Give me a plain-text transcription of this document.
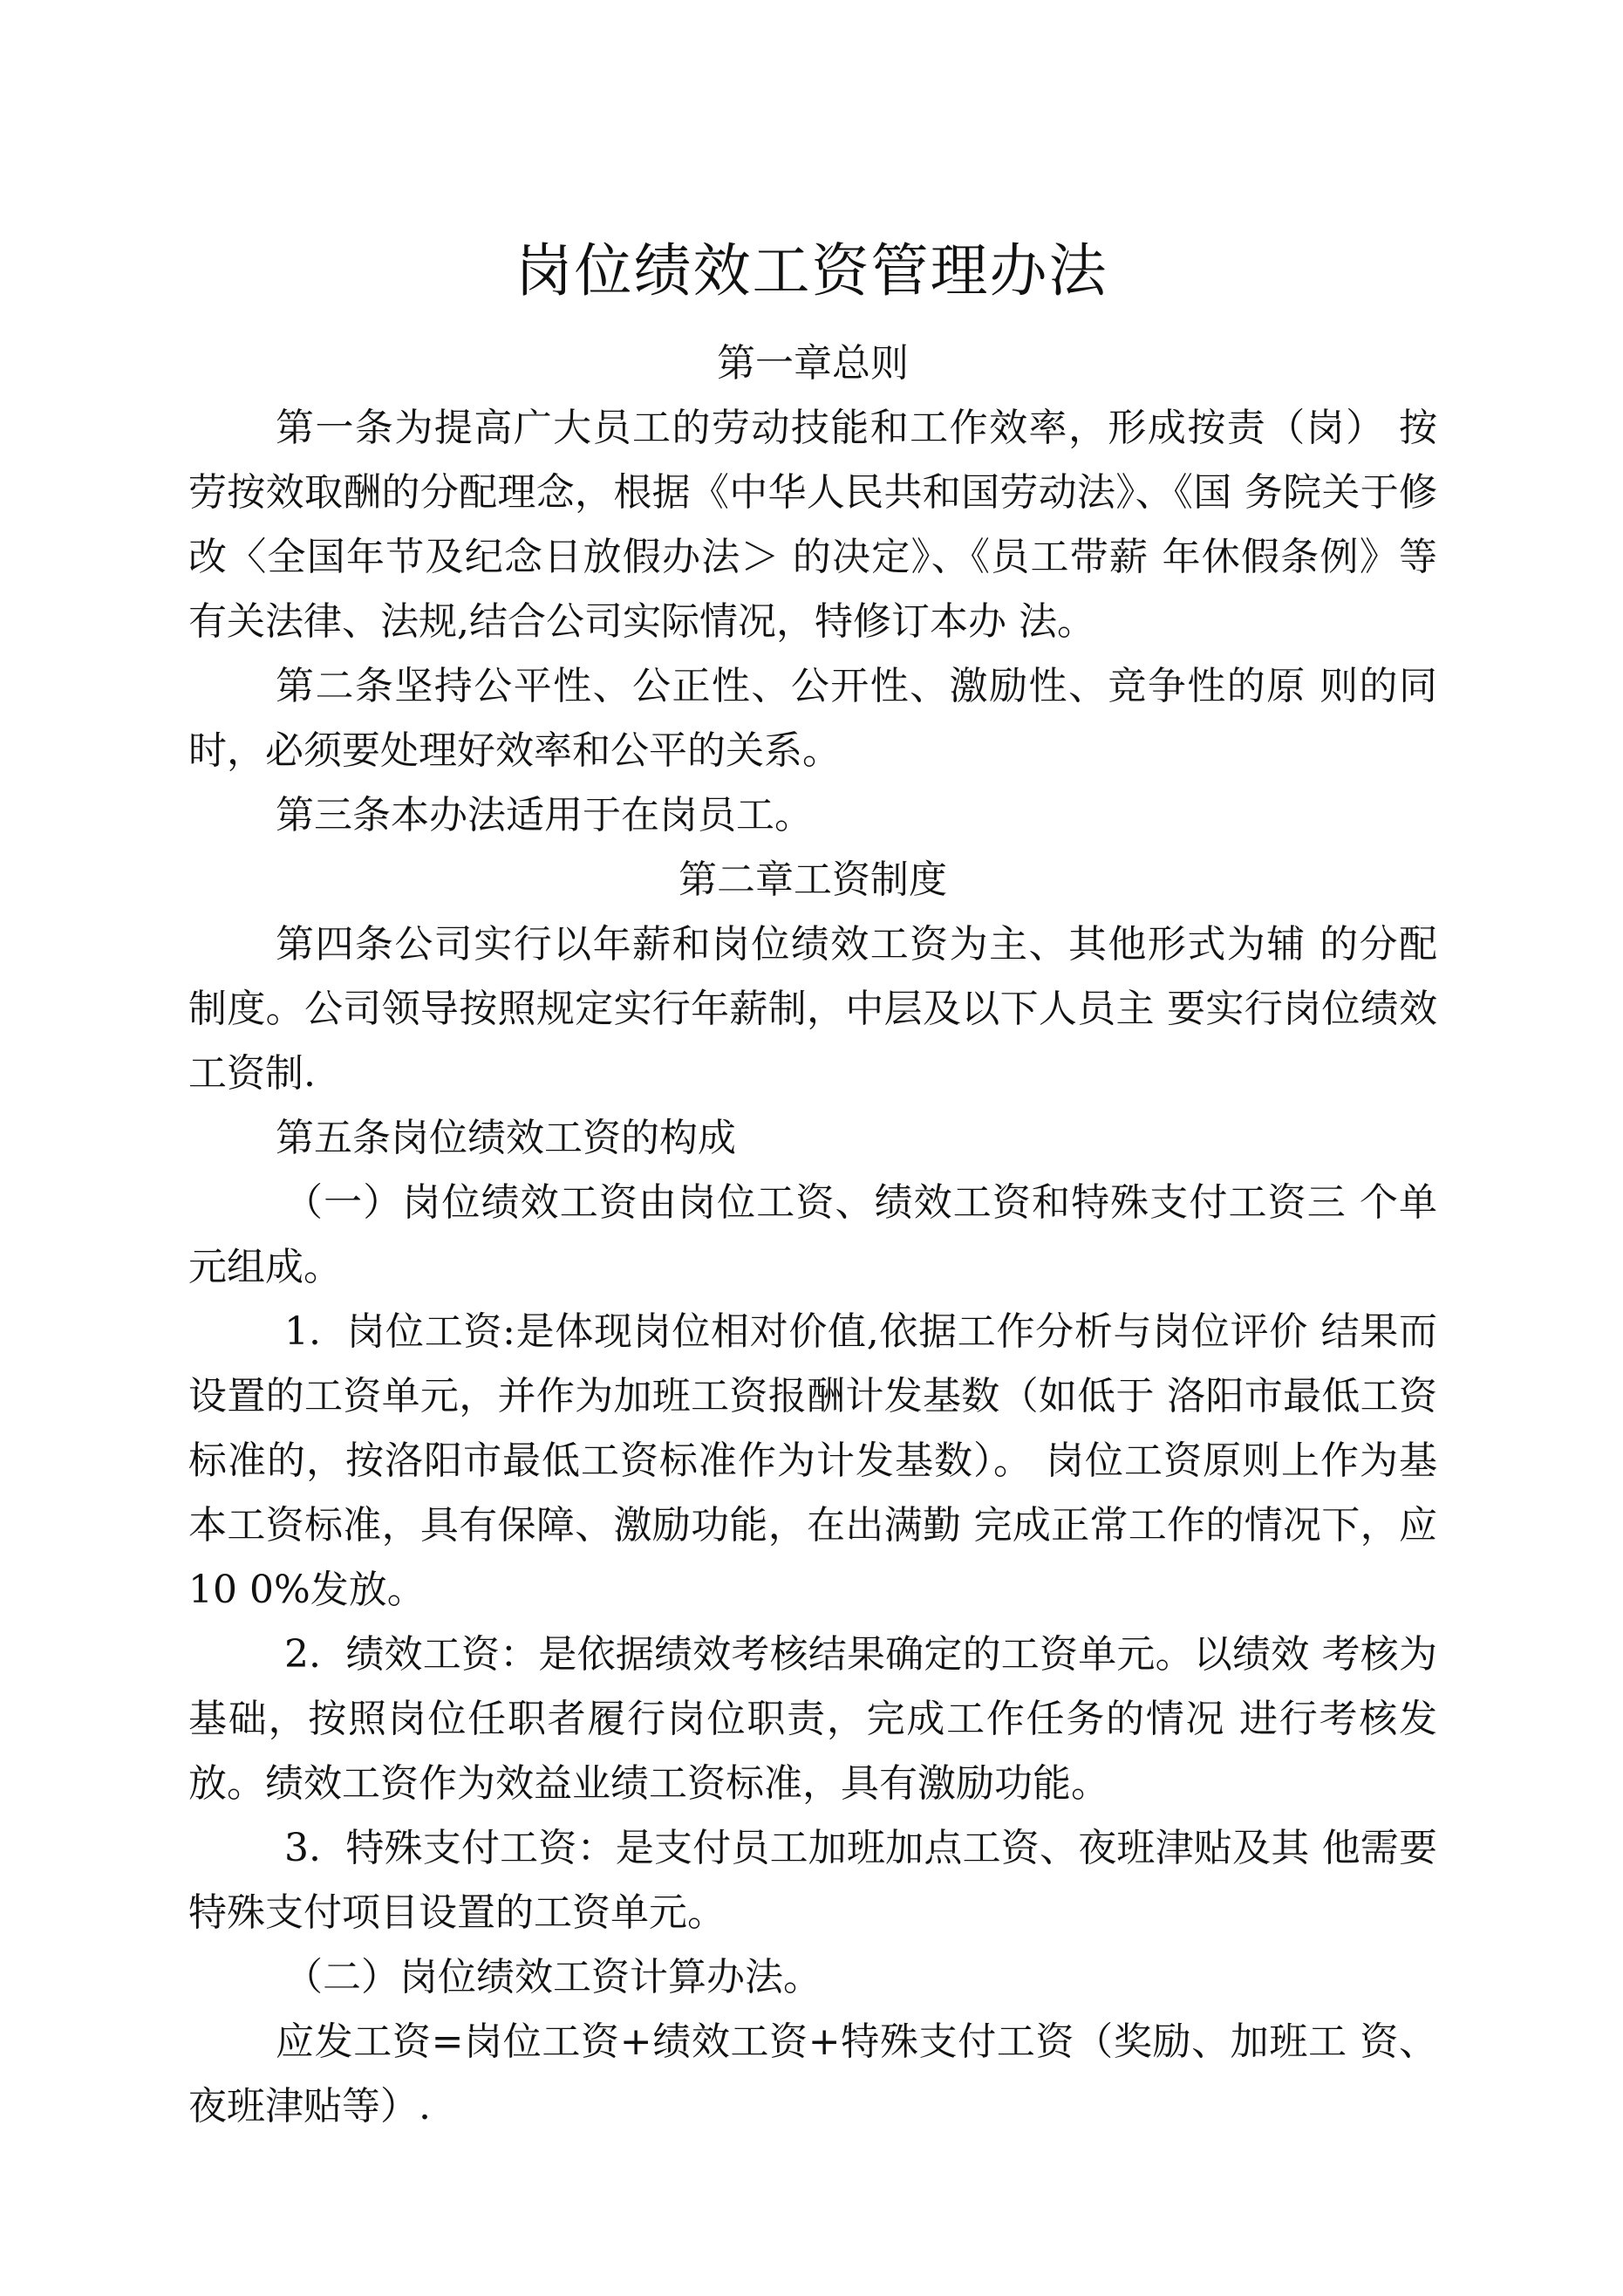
岗位绩效工资管理办法

第一章总则

第一条为提高广大员工的劳动技能和工作效率，形成按责（岗） 按劳按效取酬的分配理念，根据《中华人民共和国劳动法》、《国 务院关于修改〈全国年节及纪念日放假办法＞ 的决定》、《员工带薪 年休假条例》等有关法律、法规,结合公司实际情况，特修订本办 法。

第二条坚持公平性、公正性、公开性、激励性、竞争性的原 则的同时，必须要处理好效率和公平的关系。

第三条本办法适用于在岗员工。

第二章工资制度

第四条公司实行以年薪和岗位绩效工资为主、其他形式为辅 的分配制度。公司领导按照规定实行年薪制，中层及以下人员主 要实行岗位绩效工资制.

第五条岗位绩效工资的构成

（一）岗位绩效工资由岗位工资、绩效工资和特殊支付工资三 个单元组成。

1.  岗位工资:是体现岗位相对价值,依据工作分析与岗位评价 结果而设置的工资单元，并作为加班工资报酬计发基数（如低于 洛阳市最低工资标准的，按洛阳市最低工资标准作为计发基数）。 岗位工资原则上作为基本工资标准，具有保障、激励功能，在出满勤 完成正常工作的情况下，应 10 0%发放。

2.  绩效工资：是依据绩效考核结果确定的工资单元。以绩效 考核为基础，按照岗位任职者履行岗位职责，完成工作任务的情况 进行考核发放。绩效工资作为效益业绩工资标准，具有激励功能。

3.  特殊支付工资：是支付员工加班加点工资、夜班津贴及其 他需要特殊支付项目设置的工资单元。

（二）岗位绩效工资计算办法。

应发工资=岗位工资+绩效工资+特殊支付工资（奖励、加班工 资、夜班津贴等）.
